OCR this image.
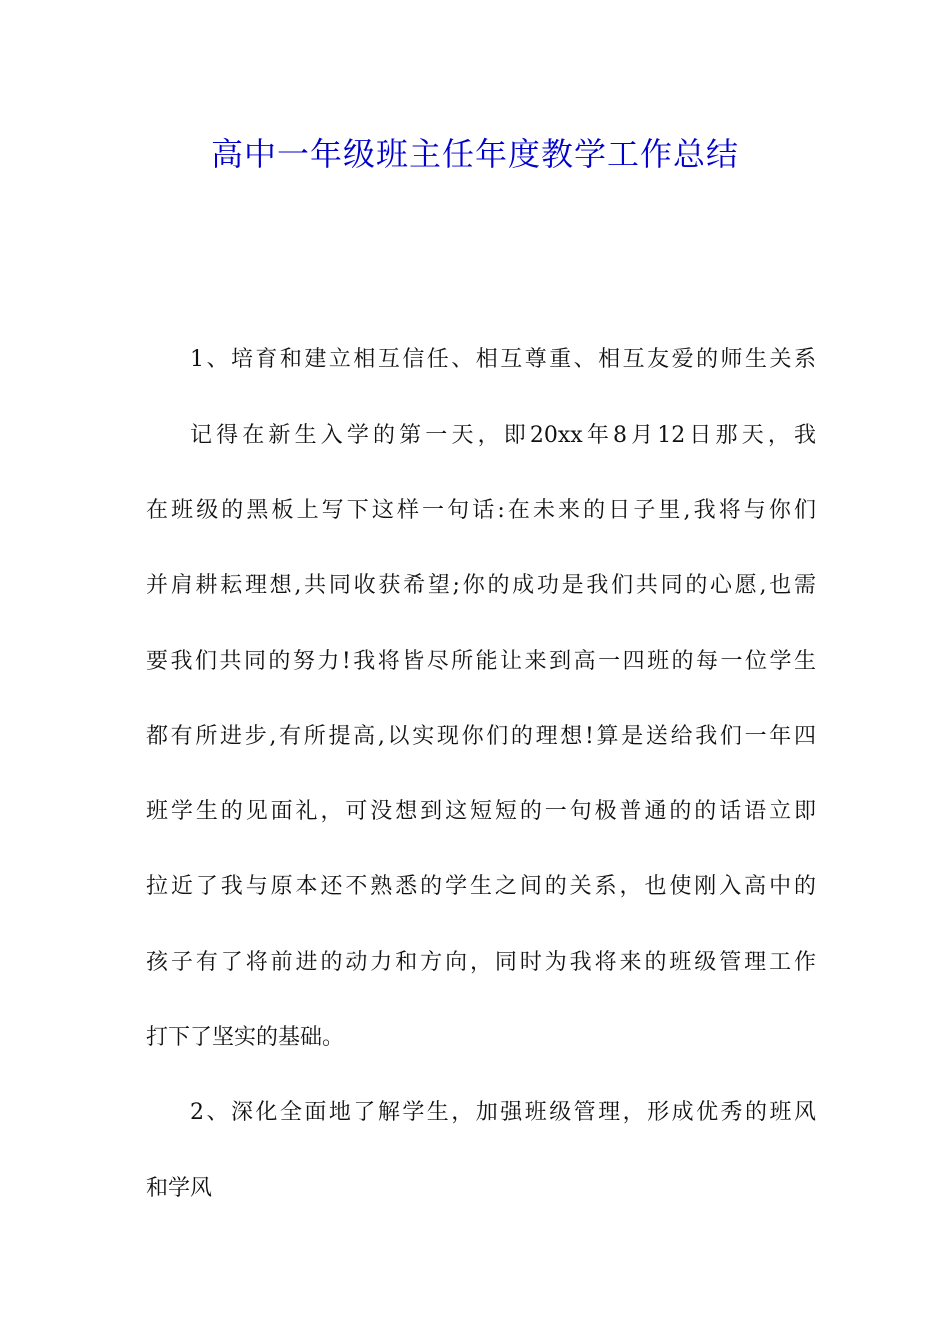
高中一年级班主任年度教学工作总结

1、培育和建立相互信任、相互尊重、相互友爱的师生关系

记得在新生入学的第一天，即20xx年8月12日那天，我

在班级的黑板上写下这样一句话:在未来的日子里,我将与你们

并肩耕耘理想,共同收获希望;你的成功是我们共同的心愿,也需

要我们共同的努力!我将皆尽所能让来到高一四班的每一位学生

都有所进步,有所提高,以实现你们的理想!算是送给我们一年四

班学生的见面礼，可没想到这短短的一句极普通的的话语立即

拉近了我与原本还不熟悉的学生之间的关系，也使刚入高中的

孩子有了将前进的动力和方向，同时为我将来的班级管理工作

打下了坚实的基础。

2、深化全面地了解学生，加强班级管理，形成优秀的班风

和学风
